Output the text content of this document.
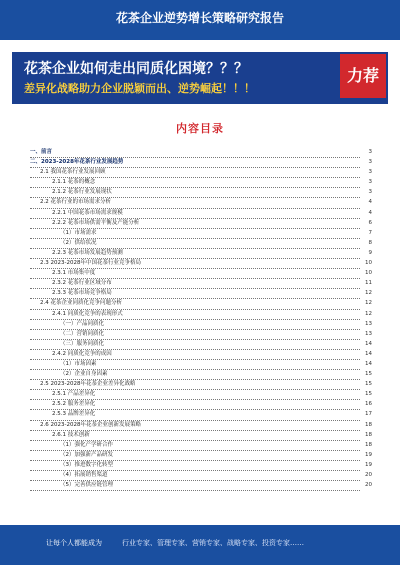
花茶企业逆势增长策略研究报告
花茶企业如何走出同质化困境？？？
差异化战略助力企业脱颖而出、逆势崛起！！！
力荐
内容目录
一、前言	3
二、2023-2028年花茶行业发展趋势	3
2.1 我国花茶行业发展回顾	3
2.1.1 花茶的概念	3
2.1.2 花茶行业发展现状	3
2.2 花茶行业的市场需求分析	4
2.2.1 中国花茶市场需求规模	4
2.2.2 花茶市场供需平衡及产能分析	6
（1）市场需求	7
（2）供给状况	8
2.2.3 花茶市场发展趋势预测	9
2.3 2023-2028年中国花茶行业竞争格局	10
2.3.1 市场集中度	10
2.3.2 花茶行业区域分布	11
2.3.3 花茶市场竞争格局	12
2.4 花茶企业同质化竞争问题分析	12
2.4.1 同质化竞争的表现形式	12
（一）产品同质化	13
（二）营销同质化	13
（三）服务同质化	14
2.4.2 同质化竞争的成因	14
（1）市场因素	14
（2）企业自身因素	15
2.5 2023-2028年花茶企业差异化战略	15
2.5.1 产品差异化	15
2.5.2 服务差异化	16
2.5.3 品牌差异化	17
2.6 2023-2028年花茶企业创新发展策略	18
2.6.1 技术创新	18
（1）强化产学研合作	18
（2）加强新产品研发	19
（3）推进数字化转型	19
（4）拓展销售渠道	20
（5）完善供应链管理	20
让每个人都能成为	行业专家、管理专家、营销专家、战略专家、投资专家……
